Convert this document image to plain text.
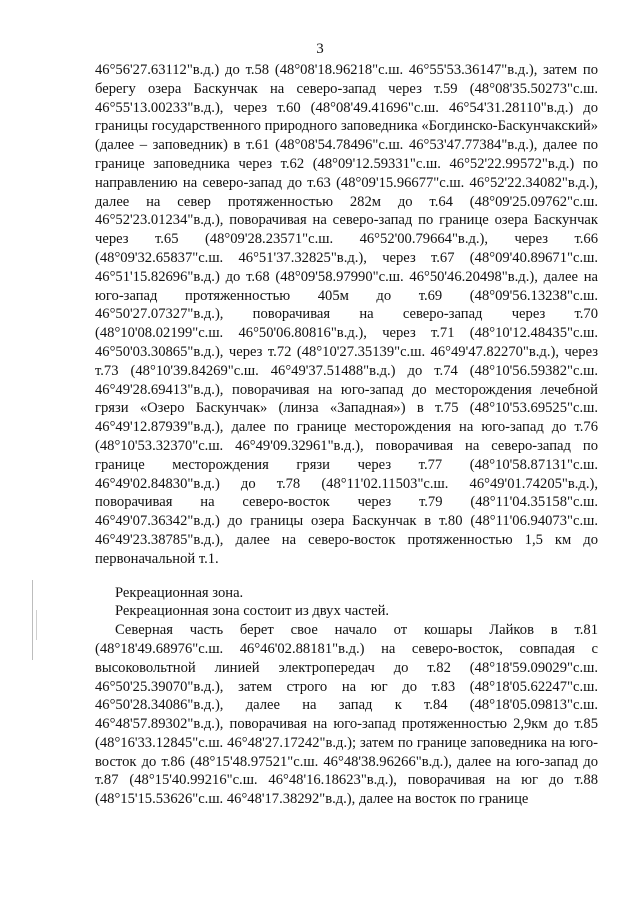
3

46°56'27.63112"в.д.) до т.58 (48°08'18.96218"с.ш. 46°55'53.36147"в.д.), затем по берегу озера Баскунчак на северо-запад через т.59 (48°08'35.50273"с.ш. 46°55'13.00233"в.д.), через т.60 (48°08'49.41696"с.ш. 46°54'31.28110"в.д.) до границы государственного природного заповедника «Богдинско-Баскунчакский» (далее – заповедник) в т.61 (48°08'54.78496"с.ш. 46°53'47.77384"в.д.), далее по границе заповедника через т.62 (48°09'12.59331"с.ш. 46°52'22.99572"в.д.) по направлению на северо-запад до т.63 (48°09'15.96677"с.ш. 46°52'22.34082"в.д.), далее на север протяженностью 282м до т.64 (48°09'25.09762"с.ш. 46°52'23.01234"в.д.), поворачивая на северо-запад по границе озера Баскунчак через т.65 (48°09'28.23571"с.ш. 46°52'00.79664"в.д.), через т.66 (48°09'32.65837"с.ш. 46°51'37.32825"в.д.), через т.67 (48°09'40.89671"с.ш. 46°51'15.82696"в.д.) до т.68 (48°09'58.97990"с.ш. 46°50'46.20498"в.д.), далее на юго-запад протяженностью 405м до т.69 (48°09'56.13238"с.ш. 46°50'27.07327"в.д.), поворачивая на северо-запад через т.70 (48°10'08.02199"с.ш. 46°50'06.80816"в.д.), через т.71 (48°10'12.48435"с.ш. 46°50'03.30865"в.д.), через т.72 (48°10'27.35139"с.ш. 46°49'47.82270"в.д.), через т.73 (48°10'39.84269"с.ш. 46°49'37.51488"в.д.) до т.74 (48°10'56.59382"с.ш. 46°49'28.69413"в.д.), поворачивая на юго-запад до месторождения лечебной грязи «Озеро Баскунчак» (линза «Западная») в т.75 (48°10'53.69525"с.ш. 46°49'12.87939"в.д.), далее по границе месторождения на юго-запад до т.76 (48°10'53.32370"с.ш. 46°49'09.32961"в.д.), поворачивая на северо-запад по границе месторождения грязи через т.77 (48°10'58.87131"с.ш. 46°49'02.84830"в.д.) до т.78 (48°11'02.11503"с.ш. 46°49'01.74205"в.д.), поворачивая на северо-восток через т.79 (48°11'04.35158"с.ш. 46°49'07.36342"в.д.) до границы озера Баскунчак в т.80 (48°11'06.94073"с.ш. 46°49'23.38785"в.д.), далее на северо-восток протяженностью 1,5 км до первоначальной т.1.

Рекреационная зона.

Рекреационная зона состоит из двух частей.

Северная часть берет свое начало от кошары Лайков в т.81 (48°18'49.68976"с.ш. 46°46'02.88181"в.д.) на северо-восток, совпадая с высоковольтной линией электропередач до т.82 (48°18'59.09029"с.ш. 46°50'25.39070"в.д.), затем строго на юг до т.83 (48°18'05.62247"с.ш. 46°50'28.34086"в.д.), далее на запад к т.84 (48°18'05.09813"с.ш. 46°48'57.89302"в.д.), поворачивая на юго-запад протяженностью 2,9км до т.85 (48°16'33.12845"с.ш. 46°48'27.17242"в.д.); затем по границе заповедника на юго-восток до т.86 (48°15'48.97521"с.ш. 46°48'38.96266"в.д.), далее на юго-запад до т.87 (48°15'40.99216"с.ш. 46°48'16.18623"в.д.), поворачивая на юг до т.88 (48°15'15.53626"с.ш. 46°48'17.38292"в.д.), далее на восток по границе
